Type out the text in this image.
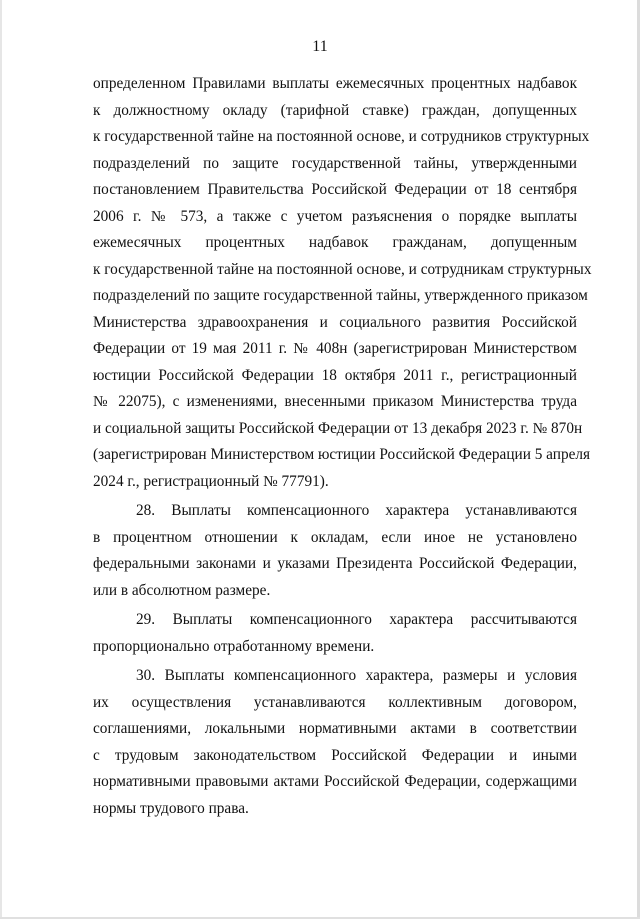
11
определенном Правилами выплаты ежемесячных процентных надбавок
к должностному окладу (тарифной ставке) граждан, допущенных
к государственной тайне на постоянной основе, и сотрудников структурных
подразделений по защите государственной тайны, утвержденными
постановлением Правительства Российской Федерации от 18 сентября
2006 г. № 573, а также с учетом разъяснения о порядке выплаты
ежемесячных процентных надбавок гражданам, допущенным
к государственной тайне на постоянной основе, и сотрудникам структурных
подразделений по защите государственной тайны, утвержденного приказом
Министерства здравоохранения и социального развития Российской
Федерации от 19 мая 2011 г. № 408н (зарегистрирован Министерством
юстиции Российской Федерации 18 октября 2011 г., регистрационный
№ 22075), с изменениями, внесенными приказом Министерства труда
и социальной защиты Российской Федерации от 13 декабря 2023 г. № 870н
(зарегистрирован Министерством юстиции Российской Федерации 5 апреля
2024 г., регистрационный № 77791).
28. Выплаты компенсационного характера устанавливаются
в процентном отношении к окладам, если иное не установлено
федеральными законами и указами Президента Российской Федерации,
или в абсолютном размере.
29. Выплаты компенсационного характера рассчитываются
пропорционально отработанному времени.
30. Выплаты компенсационного характера, размеры и условия
их осуществления устанавливаются коллективным договором,
соглашениями, локальными нормативными актами в соответствии
с трудовым законодательством Российской Федерации и иными
нормативными правовыми актами Российской Федерации, содержащими
нормы трудового права.
